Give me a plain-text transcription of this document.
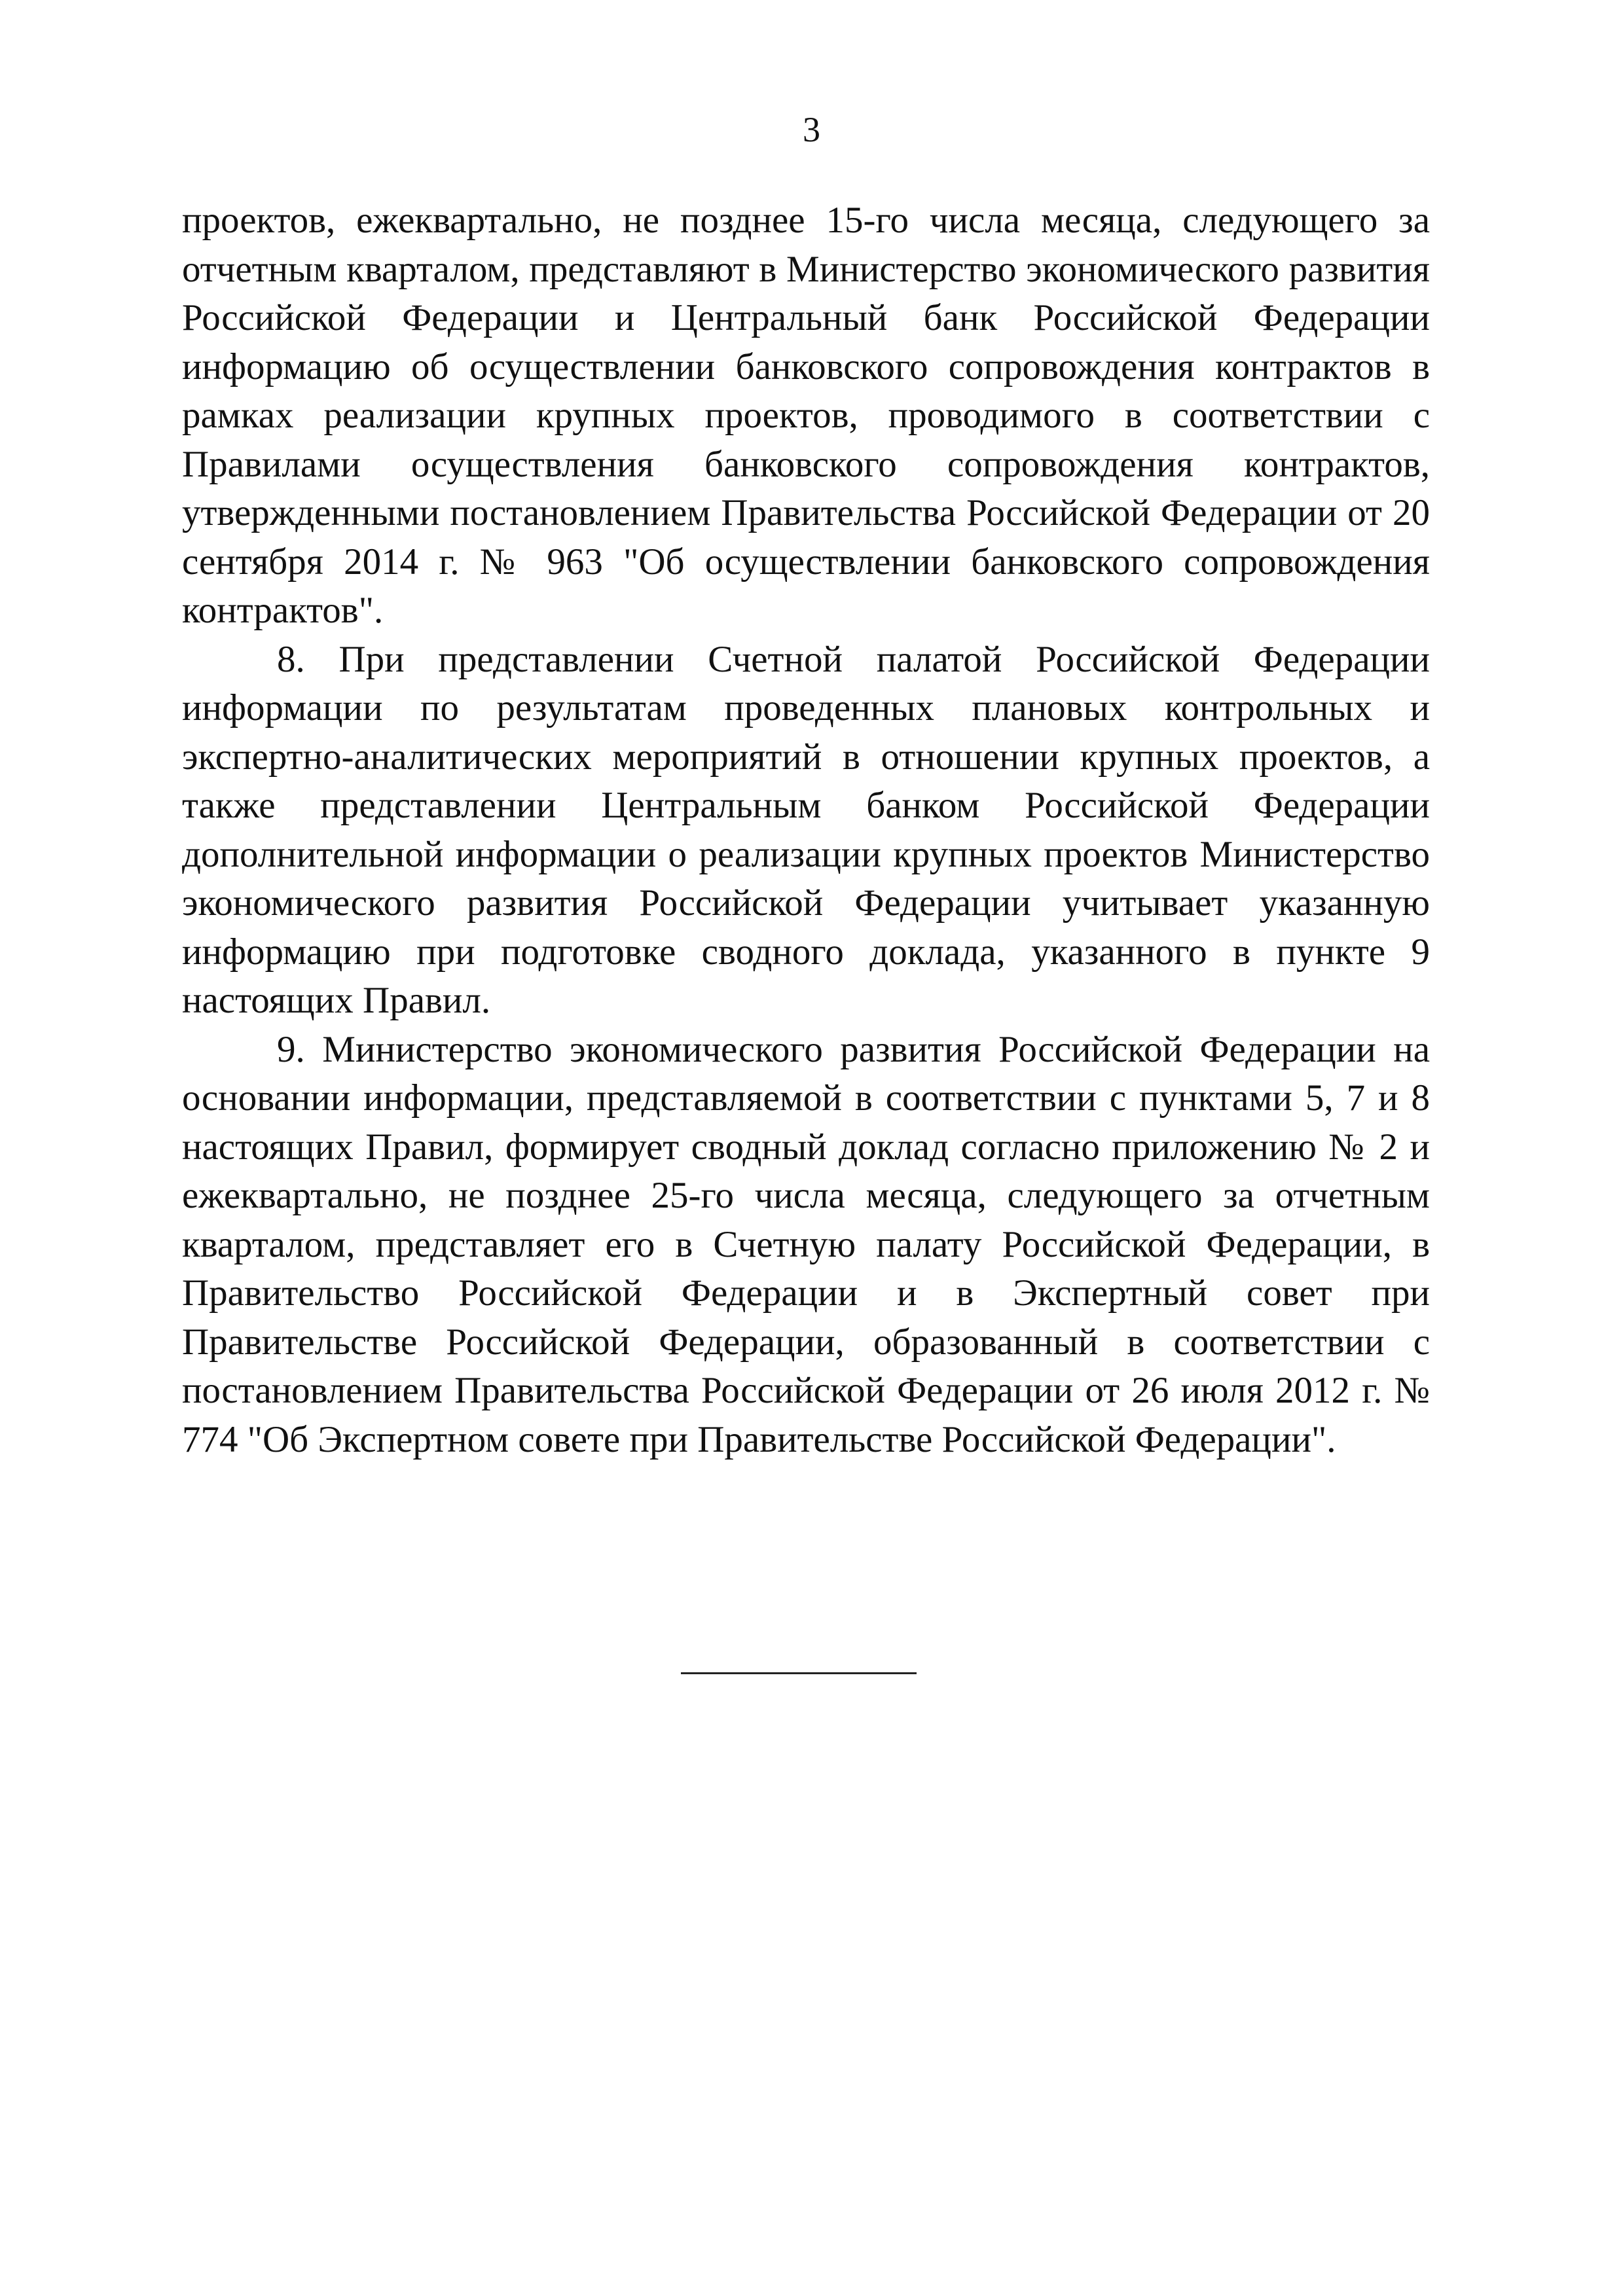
3

проектов, ежеквартально, не позднее 15-го числа месяца, следующего за отчетным кварталом, представляют в Министерство экономического развития Российской Федерации и Центральный банк Российской Федерации информацию об осуществлении банковского сопровождения контрактов в рамках реализации крупных проектов, проводимого в соответствии с Правилами осуществления банковского сопровождения контрактов, утвержденными постановлением Правительства Российской Федерации от 20 сентября 2014 г. № 963 "Об осуществлении банковского сопровождения контрактов".

8. При представлении Счетной палатой Российской Федерации информации по результатам проведенных плановых контрольных и экспертно-аналитических мероприятий в отношении крупных проектов, а также представлении Центральным банком Российской Федерации дополнительной информации о реализации крупных проектов Министерство экономического развития Российской Федерации учитывает указанную информацию при подготовке сводного доклада, указанного в пункте 9 настоящих Правил.

9. Министерство экономического развития Российской Федерации на основании информации, представляемой в соответствии с пунктами 5, 7 и 8 настоящих Правил, формирует сводный доклад согласно приложению № 2 и ежеквартально, не позднее 25-го числа месяца, следующего за отчетным кварталом, представляет его в Счетную палату Российской Федерации, в Правительство Российской Федерации и в Экспертный совет при Правительстве Российской Федерации, образованный в соответствии с постановлением Правительства Российской Федерации от 26 июля 2012 г. № 774 "Об Экспертном совете при Правительстве Российской Федерации".
